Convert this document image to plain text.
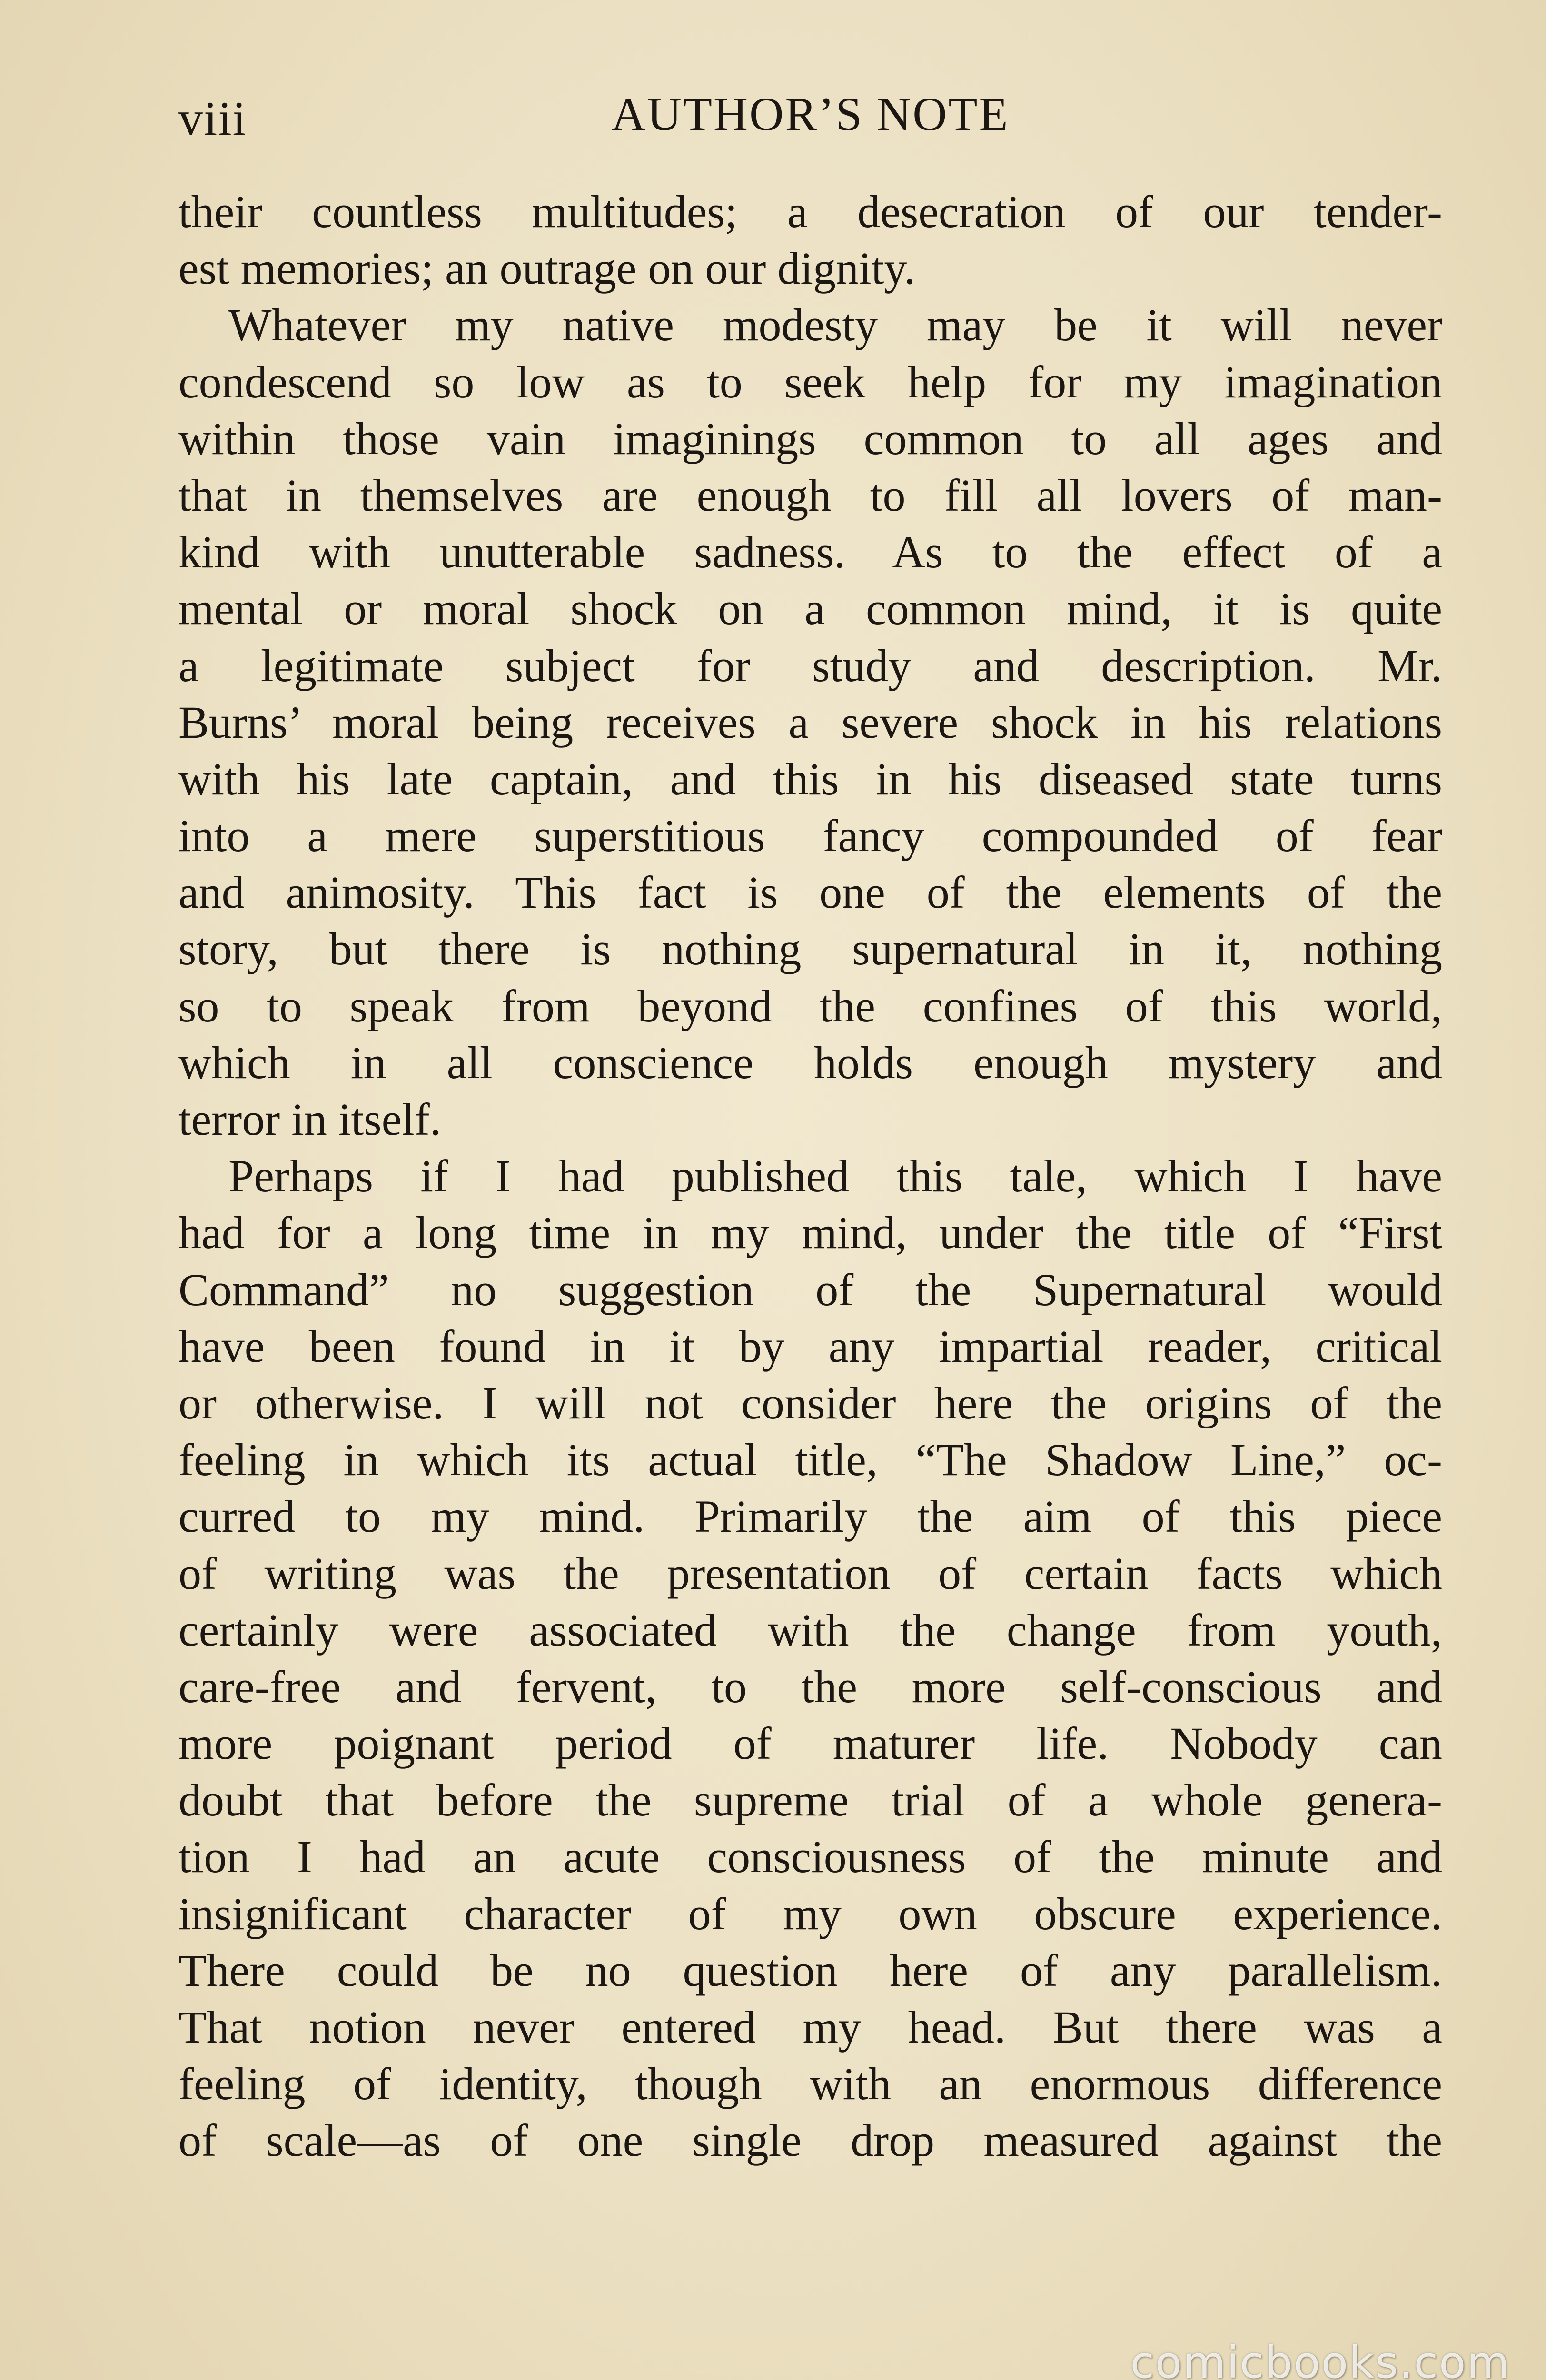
viii	AUTHOR’S NOTE
their countless multitudes; a desecration of our tender-
est memories; an outrage on our dignity.
Whatever my native modesty may be it will never
condescend so low as to seek help for my imagination
within those vain imaginings common to all ages and
that in themselves are enough to fill all lovers of man-
kind with unutterable sadness. As to the effect of a
mental or moral shock on a common mind, it is quite
a legitimate subject for study and description. Mr.
Burns’ moral being receives a severe shock in his relations
with his late captain, and this in his diseased state turns
into a mere superstitious fancy compounded of fear
and animosity. This fact is one of the elements of the
story, but there is nothing supernatural in it, nothing
so to speak from beyond the confines of this world,
which in all conscience holds enough mystery and
terror in itself.
Perhaps if I had published this tale, which I have
had for a long time in my mind, under the title of “First
Command” no suggestion of the Supernatural would
have been found in it by any impartial reader, critical
or otherwise. I will not consider here the origins of the
feeling in which its actual title, “The Shadow Line,” oc-
curred to my mind. Primarily the aim of this piece
of writing was the presentation of certain facts which
certainly were associated with the change from youth,
care-free and fervent, to the more self-conscious and
more poignant period of maturer life. Nobody can
doubt that before the supreme trial of a whole genera-
tion I had an acute consciousness of the minute and
insignificant character of my own obscure experience.
There could be no question here of any parallelism.
That notion never entered my head. But there was a
feeling of identity, though with an enormous difference
of scale—as of one single drop measured against the
comicbooks.com
